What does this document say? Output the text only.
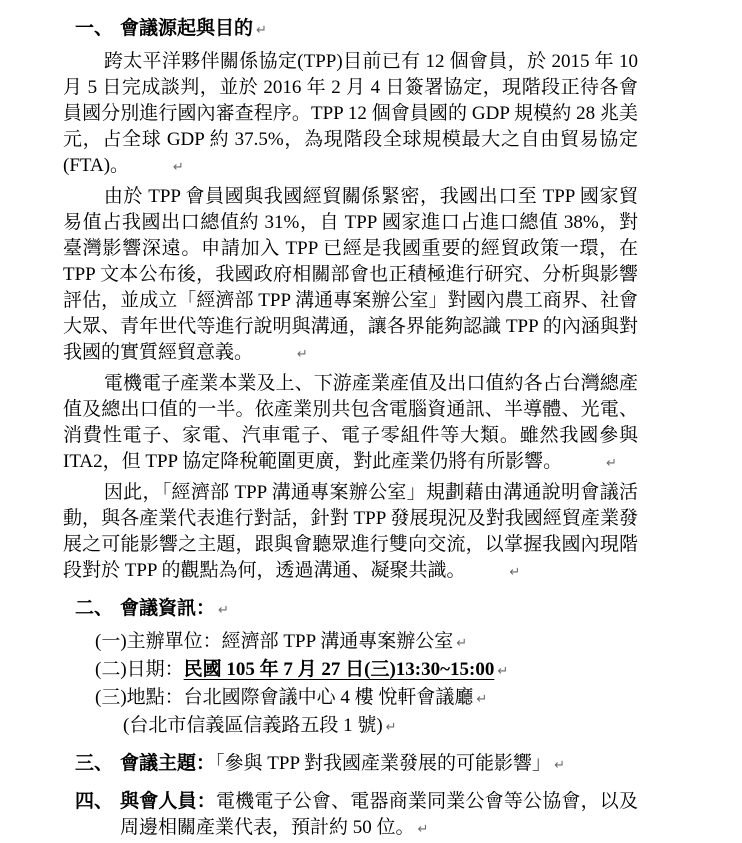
一、 會議源起與目的 ↵

跨太平洋夥伴關係協定(TPP)目前已有 12 個會員，於 2015 年 10 月 5 日完成談判，並於 2016 年 2 月 4 日簽署協定，現階段正待各會員國分別進行國內審查程序。TPP 12 個會員國的 GDP 規模約 28 兆美元，占全球 GDP 約 37.5%，為現階段全球規模最大之自由貿易協定(FTA)。	↵

由於 TPP 會員國與我國經貿關係緊密，我國出口至 TPP 國家貿易值占我國出口總值約 31%，自 TPP 國家進口占進口總值 38%，對臺灣影響深遠。申請加入 TPP 已經是我國重要的經貿政策一環，在 TPP 文本公布後，我國政府相關部會也正積極進行研究、分析與影響評估，並成立「經濟部 TPP 溝通專案辦公室」對國內農工商界、社會大眾、青年世代等進行說明與溝通，讓各界能夠認識 TPP 的內涵與對我國的實質經貿意義。	↵

電機電子產業本業及上、下游產業產值及出口值約各占台灣總產值及總出口值的一半。依產業別共包含電腦資通訊、半導體、光電、消費性電子、家電、汽車電子、電子零組件等大類。雖然我國參與 ITA2，但 TPP 協定降稅範圍更廣，對此產業仍將有所影響。	↵

因此，「經濟部 TPP 溝通專案辦公室」規劃藉由溝通說明會議活動，與各產業代表進行對話，針對 TPP 發展現況及對我國經貿產業發展之可能影響之主題，跟與會聽眾進行雙向交流，以掌握我國內現階段對於 TPP 的觀點為何，透過溝通、凝聚共識。	↵

二、 會議資訊： ↵

(一)主辦單位：經濟部 TPP 溝通專案辦公室 ↵

(二)日期：民國 105 年 7 月 27 日(三)13:30~15:00 ↵

(三)地點：台北國際會議中心 4 樓 悅軒會議廳 ↵

(台北市信義區信義路五段 1 號) ↵

三、 會議主題：「參與 TPP 對我國產業發展的可能影響」 ↵
四、 與會人員：電機電子公會、電器商業同業公會等公協會，以及周邊相關產業代表，預計約 50 位。 ↵
